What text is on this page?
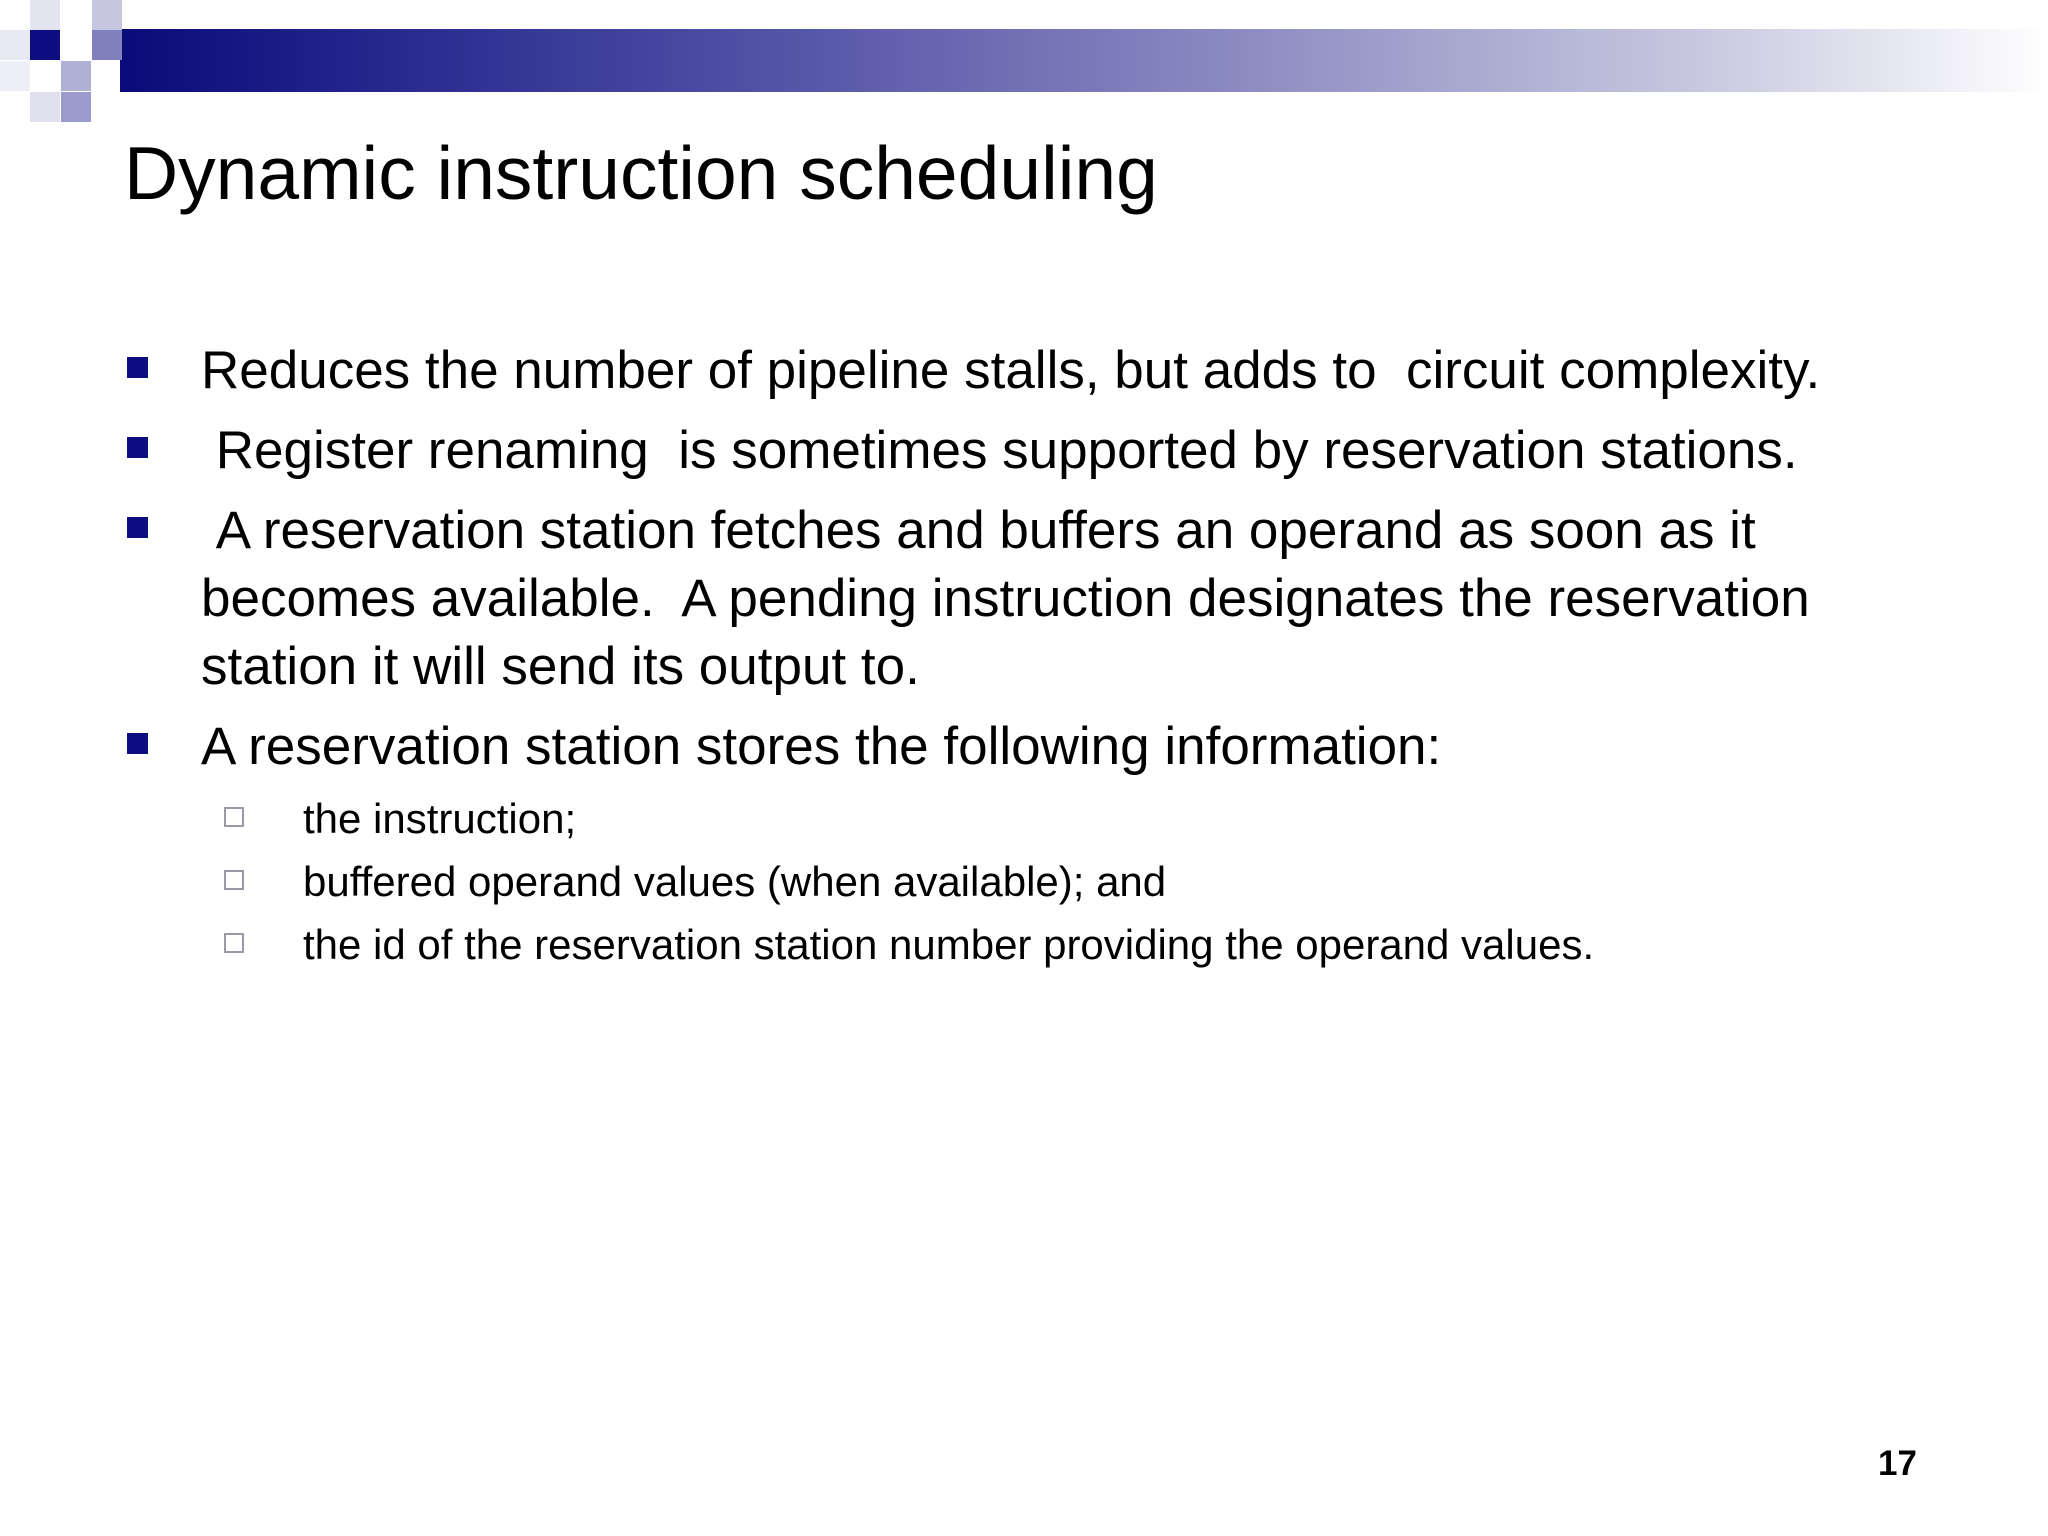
Dynamic instruction scheduling
Reduces the number of pipeline stalls, but adds to  circuit complexity.
Register renaming  is sometimes supported by reservation stations.
A reservation station fetches and buffers an operand as soon as it becomes available.  A pending instruction designates the reservation station it will send its output to.
A reservation station stores the following information:
the instruction;
buffered operand values (when available); and
the id of the reservation station number providing the operand values.
17
